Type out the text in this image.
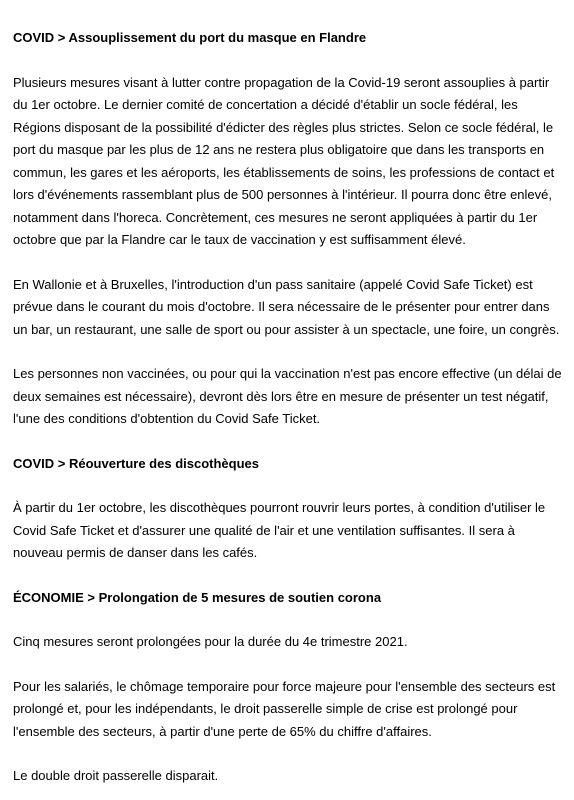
COVID > Assouplissement du port du masque en Flandre
Plusieurs mesures visant à lutter contre propagation de la Covid-19 seront assouplies à partir du 1er octobre. Le dernier comité de concertation a décidé d'établir un socle fédéral, les Régions disposant de la possibilité d'édicter des règles plus strictes. Selon ce socle fédéral, le port du masque par les plus de 12 ans ne restera plus obligatoire que dans les transports en commun, les gares et les aéroports, les établissements de soins, les professions de contact et lors d'événements rassemblant plus de 500 personnes à l'intérieur. Il pourra donc être enlevé, notamment dans l'horeca. Concrètement, ces mesures ne seront appliquées à partir du 1er octobre que par la Flandre car le taux de vaccination y est suffisamment élevé.
En Wallonie et à Bruxelles, l'introduction d'un pass sanitaire (appelé Covid Safe Ticket) est prévue dans le courant du mois d'octobre. Il sera nécessaire de le présenter pour entrer dans un bar, un restaurant, une salle de sport ou pour assister à un spectacle, une foire, un congrès.
Les personnes non vaccinées, ou pour qui la vaccination n'est pas encore effective (un délai de deux semaines est nécessaire), devront dès lors être en mesure de présenter un test négatif, l'une des conditions d'obtention du Covid Safe Ticket.
COVID > Réouverture des discothèques
À partir du 1er octobre, les discothèques pourront rouvrir leurs portes, à condition d'utiliser le Covid Safe Ticket et d'assurer une qualité de l'air et une ventilation suffisantes. Il sera à nouveau permis de danser dans les cafés.
ÉCONOMIE > Prolongation de 5 mesures de soutien corona
Cinq mesures seront prolongées pour la durée du 4e trimestre 2021.
Pour les salariés, le chômage temporaire pour force majeure pour l'ensemble des secteurs est prolongé et, pour les indépendants, le droit passerelle simple de crise est prolongé pour l'ensemble des secteurs, à partir d'une perte de 65% du chiffre d'affaires.
Le double droit passerelle disparait.
